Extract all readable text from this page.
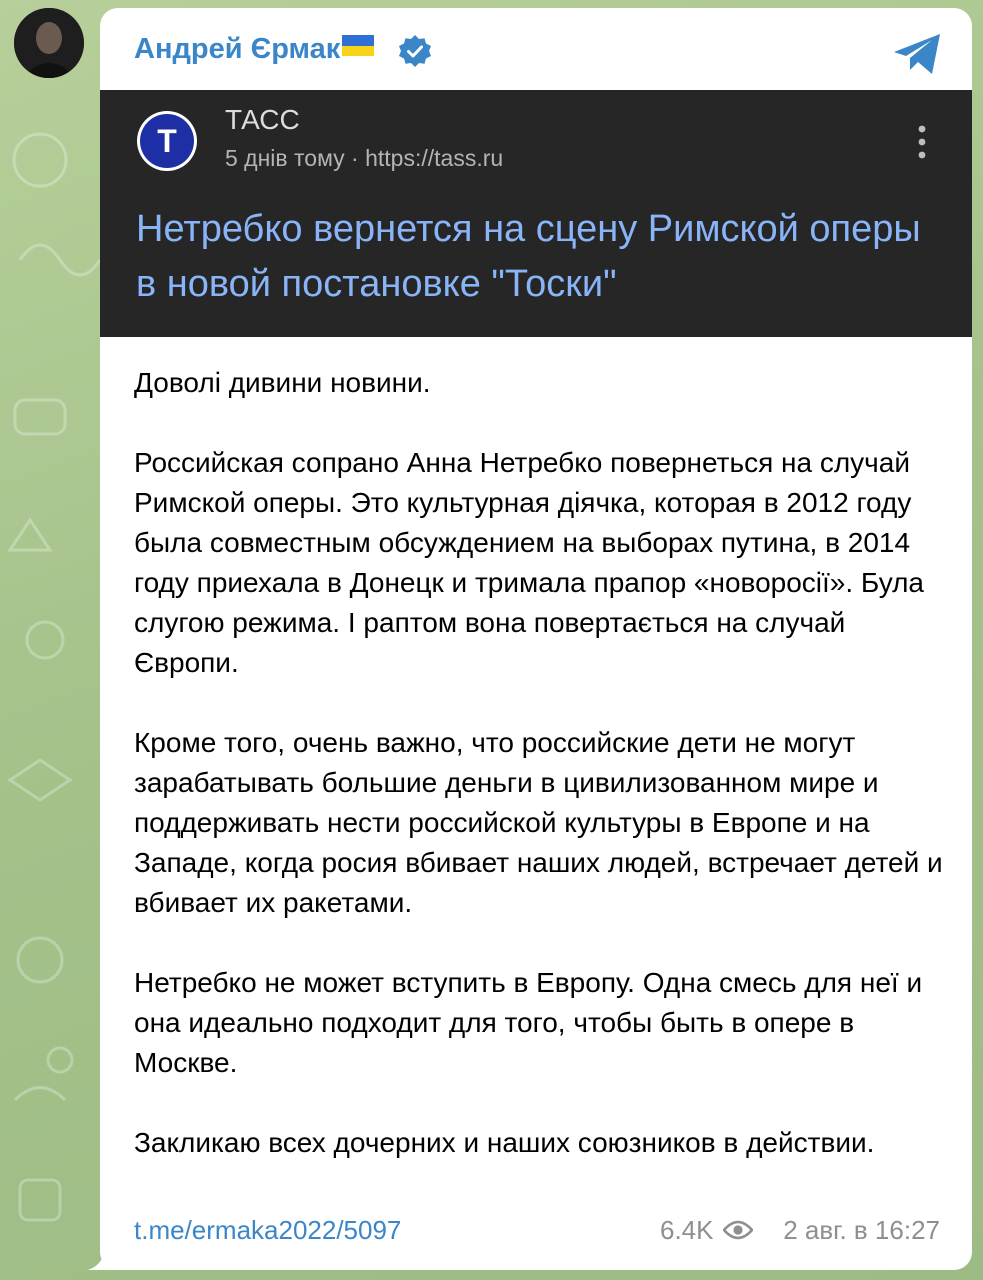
Андрей Єрмак
Т
ТАСС
5 днів тому · https://tass.ru
Нетребко вернется на сцену Римской оперы в новой постановке "Тоски"

Доволі дивини новини.

Российская сопрано Анна Нетребко повернеться на случай Римской оперы. Это культурная діячка, которая в 2012 году была совместным обсуждением на выборах путина, в 2014 году приехала в Донецк и тримала прапор «новоросії». Була слугою режима. І раптом вона повертається на случай Європи.

Кроме того, очень важно, что российские дети не могут зарабатывать большие деньги в цивилизованном мире и поддерживать нести российской культуры в Европе и на Западе, когда росия вбивает наших людей, встречает детей и вбивает их ракетами.

Нетребко не может вступить в Европу. Одна смесь для неї и она идеально подходит для того, чтобы быть в опере в Москве.

Закликаю всех дочерних и наших союзников в действии.

t.me/ermaka2022/5097	6.4K	2 авг. в 16:27
